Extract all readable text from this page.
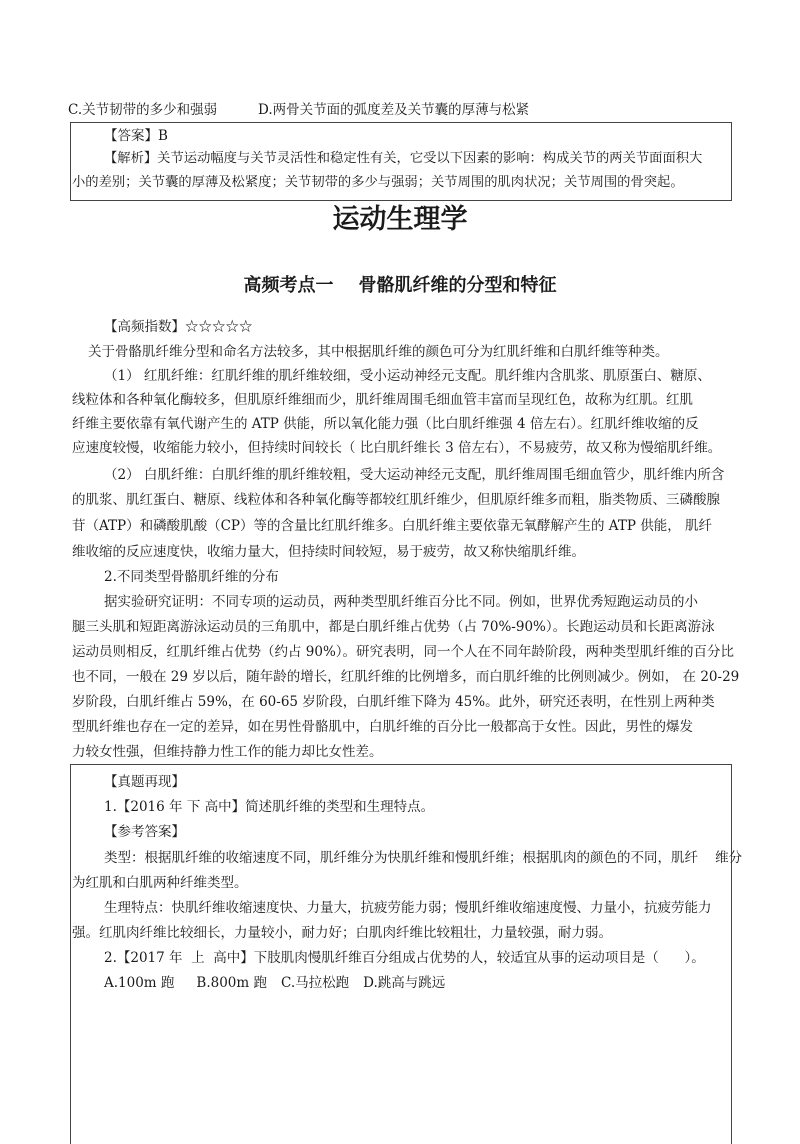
C.关节韧带的多少和强弱	D.两骨关节面的弧度差及关节囊的厚薄与松紧
【答案】B
【解析】关节运动幅度与关节灵活性和稳定性有关，它受以下因素的影响：构成关节的两关节面面积大
小的差别；关节囊的厚薄及松紧度；关节韧带的多少与强弱；关节周围的肌肉状况；关节周围的骨突起。
运动生理学
高频考点一    骨骼肌纤维的分型和特征
【高频指数】☆☆☆☆☆
关于骨骼肌纤维分型和命名方法较多，其中根据肌纤维的颜色可分为红肌纤维和白肌纤维等种类。
（1） 红肌纤维：红肌纤维的肌纤维较细，受小运动神经元支配。肌纤维内含肌浆、肌原蛋白、糖原、
线粒体和各种氧化酶较多，但肌原纤维细而少，肌纤维周围毛细血管丰富而呈现红色，故称为红肌。红肌
纤维主要依靠有氧代谢产生的 ATP 供能，所以氧化能力强（比白肌纤维强 4 倍左右）。红肌纤维收缩的反
应速度较慢，收缩能力较小，但持续时间较长（ 比白肌纤维长 3 倍左右），不易疲劳，故又称为慢缩肌纤维。
（2） 白肌纤维：白肌纤维的肌纤维较粗，受大运动神经元支配，肌纤维周围毛细血管少，肌纤维内所含
的肌浆、肌红蛋白、糖原、线粒体和各种氧化酶等都较红肌纤维少，但肌原纤维多而粗，脂类物质、三磷酸腺
苷（ATP）和磷酸肌酸（CP）等的含量比红肌纤维多。白肌纤维主要依靠无氧酵解产生的 ATP 供能， 肌纤
维收缩的反应速度快，收缩力量大，但持续时间较短，易于疲劳，故又称快缩肌纤维。
2.不同类型骨骼肌纤维的分布
据实验研究证明：不同专项的运动员，两种类型肌纤维百分比不同。例如，世界优秀短跑运动员的小
腿三头肌和短距离游泳运动员的三角肌中，都是白肌纤维占优势（占 70%-90%）。长跑运动员和长距离游泳
运动员则相反，红肌纤维占优势（约占 90%）。研究表明，同一个人在不同年龄阶段，两种类型肌纤维的百分比
也不同，一般在 29 岁以后，随年龄的增长，红肌纤维的比例增多，而白肌纤维的比例则减少。例如， 在 20-29
岁阶段，白肌纤维占 59%，在 60-65 岁阶段，白肌纤维下降为 45%。此外，研究还表明，在性别上两种类
型肌纤维也存在一定的差异，如在男性骨骼肌中，白肌纤维的百分比一般都高于女性。因此，男性的爆发
力较女性强，但维持静力性工作的能力却比女性差。
【真题再现】
1.【2016 年 下 高中】简述肌纤维的类型和生理特点。
【参考答案】
类型：根据肌纤维的收缩速度不同，肌纤维分为快肌纤维和慢肌纤维；根据肌肉的颜色的不同，肌纤    维分
为红肌和白肌两种纤维类型。
生理特点：快肌纤维收缩速度快、力量大，抗疲劳能力弱；慢肌纤维收缩速度慢、力量小，抗疲劳能力
强。红肌肉纤维比较细长，力量较小，耐力好；白肌肉纤维比较粗壮，力量较强，耐力弱。
2.【2017 年  上  高中】下肢肌肉慢肌纤维百分组成占优势的人，较适宜从事的运动项目是（      ）。
A.100m 跑 B.800m 跑 C.马拉松跑 D.跳高与跳远
